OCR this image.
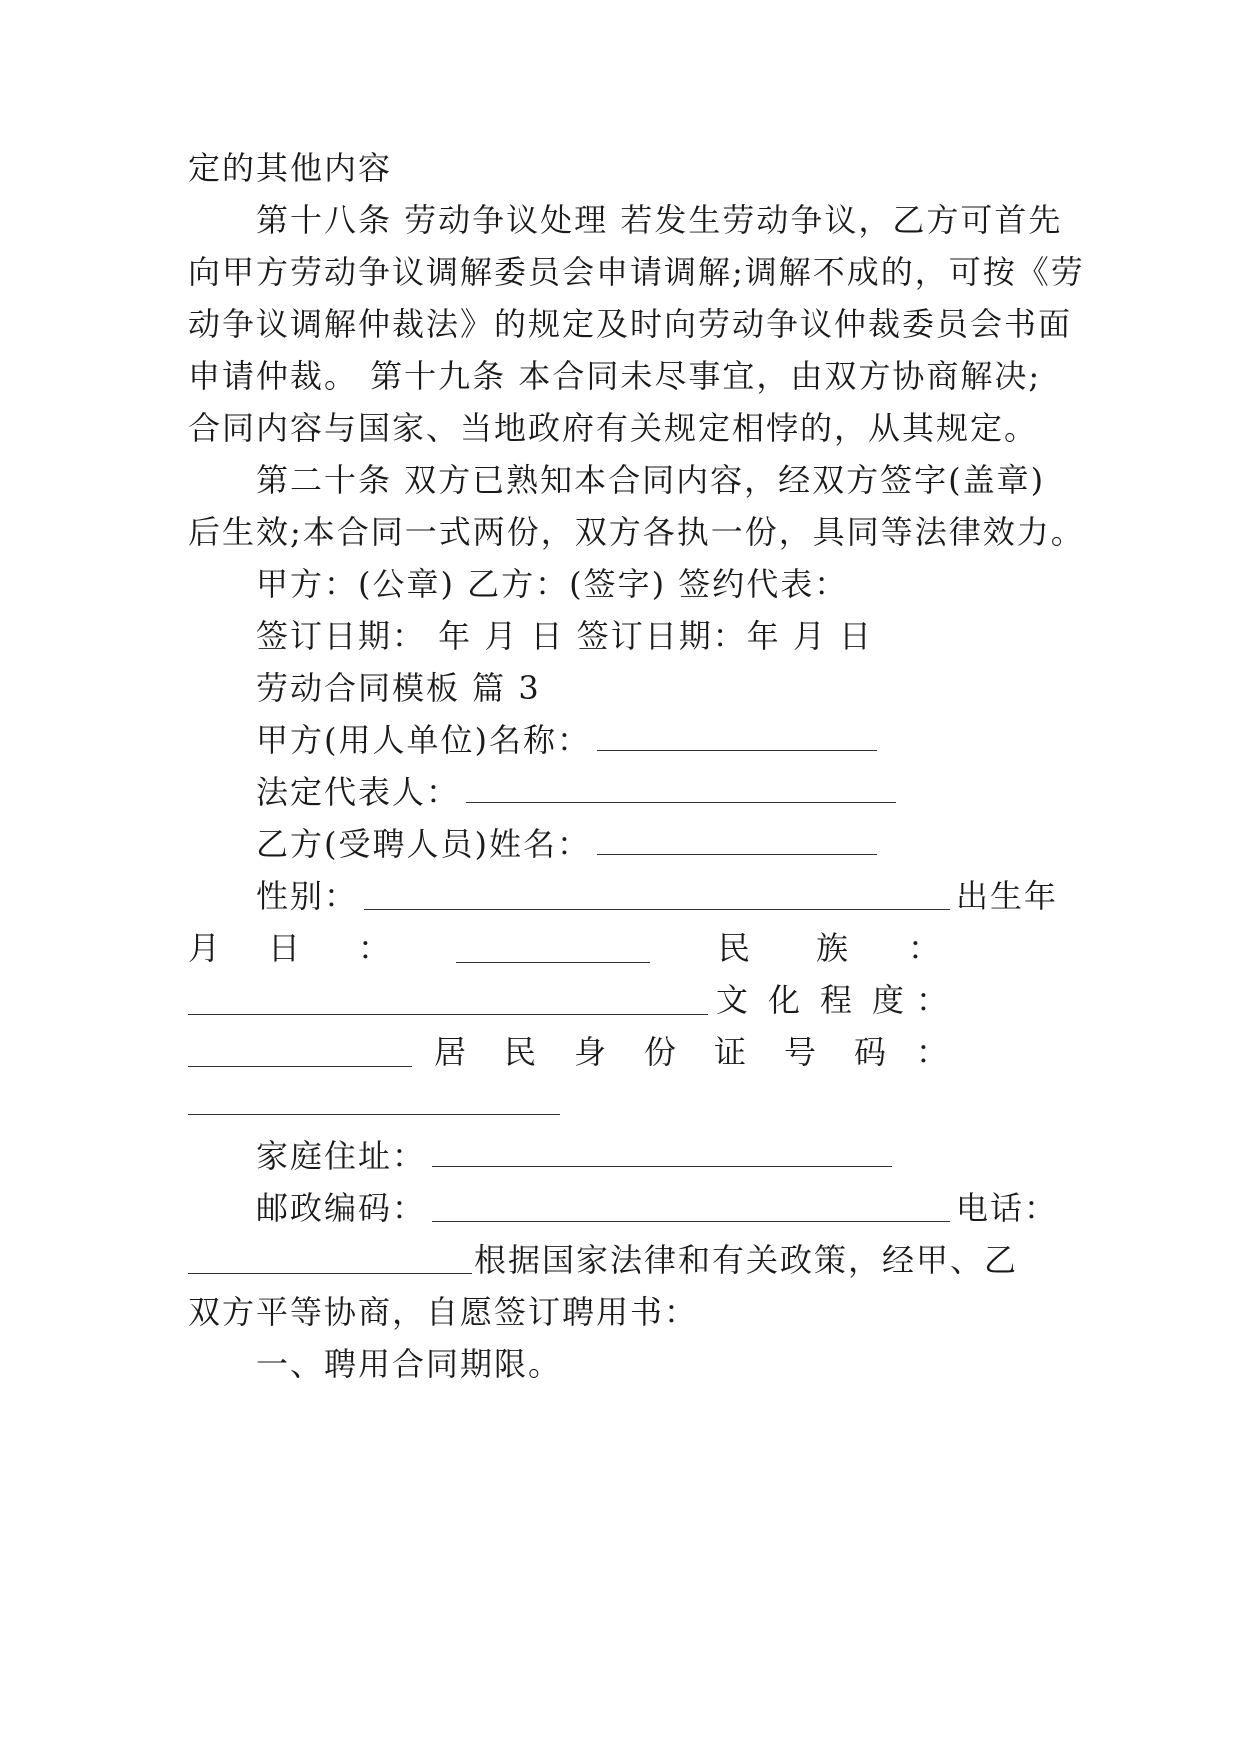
定的其他内容
第十八条 劳动争议处理 若发生劳动争议，乙方可首先
向甲方劳动争议调解委员会申请调解;调解不成的，可按《劳
动争议调解仲裁法》的规定及时向劳动争议仲裁委员会书面
申请仲裁。 第十九条 本合同未尽事宜，由双方协商解决;
合同内容与国家、当地政府有关规定相悖的，从其规定。
第二十条 双方已熟知本合同内容，经双方签字(盖章)
后生效;本合同一式两份，双方各执一份，具同等法律效力。
甲方：(公章) 乙方：(签字) 签约代表：
签订日期： 年 月 日 签订日期：年 月 日
劳动合同模板 篇 3
甲方(用人单位)名称：
法定代表人：
乙方(受聘人员)姓名：
性别：	出生年
月 日 ：	民 族 ：
文 化 程 度 ：
居 民 身 份 证 号 码 ：
家庭住址：
邮政编码：	电话：
根据国家法律和有关政策，经甲、乙
双方平等协商，自愿签订聘用书：
一、聘用合同期限。
